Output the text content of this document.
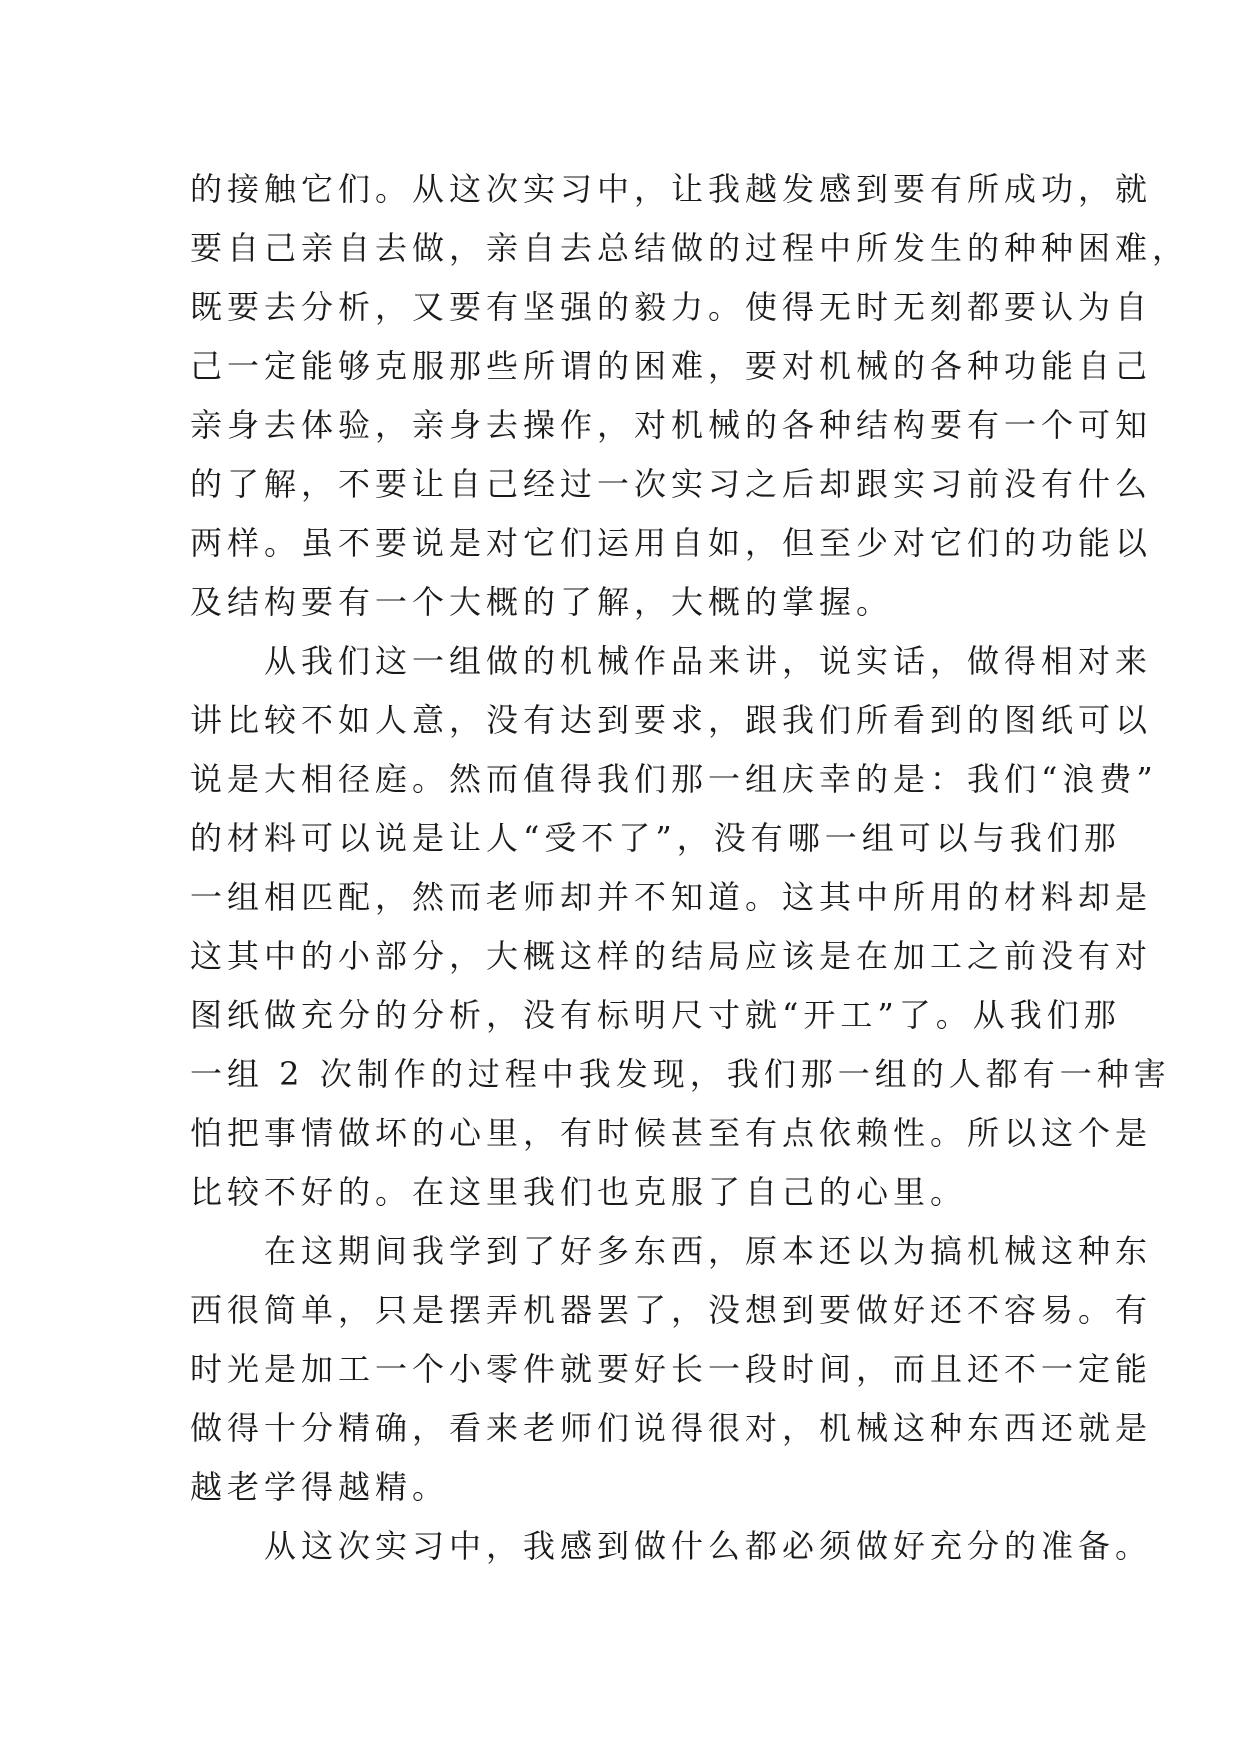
的接触它们。从这次实习中，让我越发感到要有所成功，就

要自己亲自去做，亲自去总结做的过程中所发生的种种困难，

既要去分析，又要有坚强的毅力。使得无时无刻都要认为自

己一定能够克服那些所谓的困难，要对机械的各种功能自己

亲身去体验，亲身去操作，对机械的各种结构要有一个可知

的了解，不要让自己经过一次实习之后却跟实习前没有什么

两样。虽不要说是对它们运用自如，但至少对它们的功能以

及结构要有一个大概的了解，大概的掌握。

　　从我们这一组做的机械作品来讲，说实话，做得相对来

讲比较不如人意，没有达到要求，跟我们所看到的图纸可以

说是大相径庭。然而值得我们那一组庆幸的是：我们“浪费”

的材料可以说是让人“受不了”，没有哪一组可以与我们那

一组相匹配，然而老师却并不知道。这其中所用的材料却是

这其中的小部分，大概这样的结局应该是在加工之前没有对

图纸做充分的分析，没有标明尺寸就“开工”了。从我们那

一组 2 次制作的过程中我发现，我们那一组的人都有一种害

怕把事情做坏的心里，有时候甚至有点依赖性。所以这个是

比较不好的。在这里我们也克服了自己的心里。

　　在这期间我学到了好多东西，原本还以为搞机械这种东

西很简单，只是摆弄机器罢了，没想到要做好还不容易。有

时光是加工一个小零件就要好长一段时间，而且还不一定能

做得十分精确，看来老师们说得很对，机械这种东西还就是

越老学得越精。

　　从这次实习中，我感到做什么都必须做好充分的准备。
